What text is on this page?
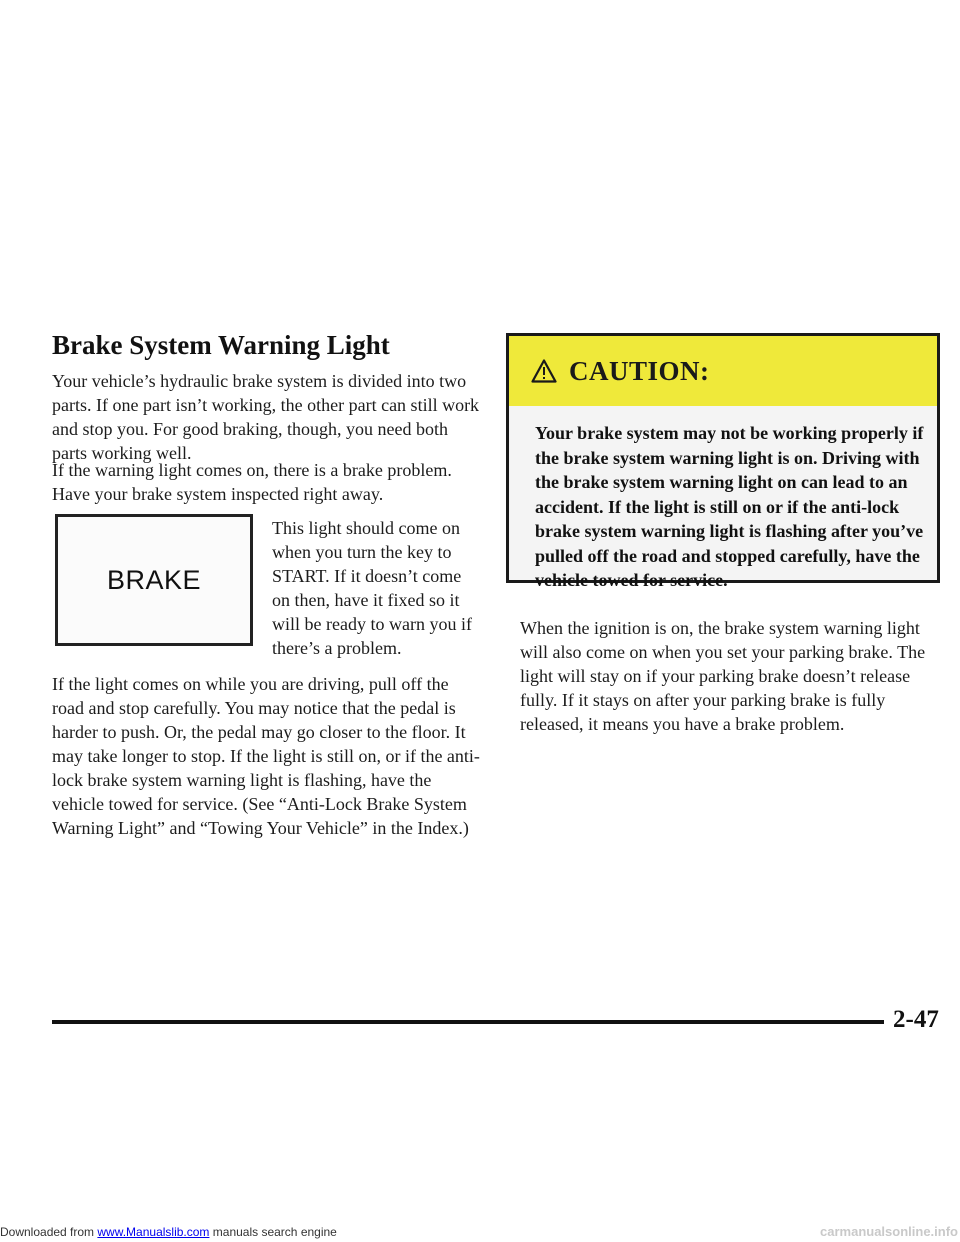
Brake System Warning Light

Your vehicle’s hydraulic brake system is divided into two parts. If one part isn’t working, the other part can still work and stop you. For good braking, though, you need both parts working well.

If the warning light comes on, there is a brake problem. Have your brake system inspected right away.

BRAKE

This light should come on when you turn the key to START. If it doesn’t come on then, have it fixed so it will be ready to warn you if there’s a problem.

If the light comes on while you are driving, pull off the road and stop carefully. You may notice that the pedal is harder to push. Or, the pedal may go closer to the floor. It may take longer to stop. If the light is still on, or if the anti-lock brake system warning light is flashing, have the vehicle towed for service. (See “Anti-Lock Brake System Warning Light” and “Towing Your Vehicle” in the Index.)

CAUTION:

Your brake system may not be working properly if the brake system warning light is on. Driving with the brake system warning light on can lead to an accident. If the light is still on or if the anti-lock brake system warning light is flashing after you’ve pulled off the road and stopped carefully, have the vehicle towed for service.

When the ignition is on, the brake system warning light will also come on when you set your parking brake. The light will stay on if your parking brake doesn’t release fully. If it stays on after your parking brake is fully released, it means you have a brake problem.

2-47
Downloaded from www.Manualslib.com manuals search engine	carmanualsonline.info
